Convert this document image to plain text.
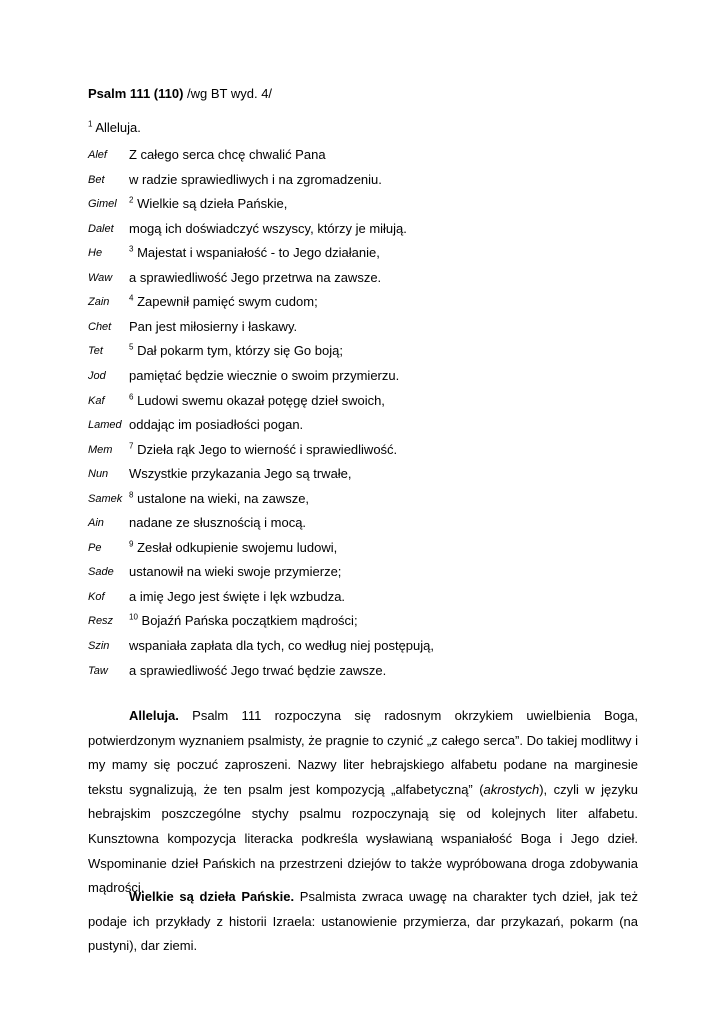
Psalm 111 (110) /wg BT wyd. 4/
$^1$ Alleluja.
Alef	Z całego serca chcę chwalić Pana
Bet	w radzie sprawiedliwych i na zgromadzeniu.
Gimel	$^2$ Wielkie są dzieła Pańskie,
Dalet	mogą ich doświadczyć wszyscy, którzy je miłują.
He	$^3$ Majestat i wspaniałość - to Jego działanie,
Waw	a sprawiedliwość Jego przetrwa na zawsze.
Zain	$^4$ Zapewnił pamięć swym cudom;
Chet	Pan jest miłosierny i łaskawy.
Tet	$^5$ Dał pokarm tym, którzy się Go boją;
Jod	pamiętać będzie wiecznie o swoim przymierzu.
Kaf	$^6$ Ludowi swemu okazał potęgę dzieł swoich,
Lamed oddając im posiadłości pogan.
Mem	$^7$ Dzieła rąk Jego to wierność i sprawiedliwość.
Nun	Wszystkie przykazania Jego są trwałe,
Samek $^8$ ustalone na wieki, na zawsze,
Ain	nadane ze słusznością i mocą.
Pe	$^9$ Zesłał odkupienie swojemu ludowi,
Sade	ustanowił na wieki swoje przymierze;
Kof	a imię Jego jest święte i lęk wzbudza.
Resz	$^{10}$ Bojaźń Pańska początkiem mądrości;
Szin	wspaniała zapłata dla tych, co według niej postępują,
Taw	a sprawiedliwość Jego trwać będzie zawsze.

Alleluja. Psalm 111 rozpoczyna się radosnym okrzykiem uwielbienia Boga, potwierdzonym wyznaniem psalmisty, że pragnie to czynić „z całego serca”. Do takiej modlitwy i my mamy się poczuć zaproszeni. Nazwy liter hebrajskiego alfabetu podane na marginesie tekstu sygnalizują, że ten psalm jest kompozycją „alfabetyczną” (akrostych), czyli w języku hebrajskim poszczególne stychy psalmu rozpoczynają się od kolejnych liter alfabetu. Kunsztowna kompozycja literacka podkreśla wysławianą wspaniałość Boga i Jego dzieł. Wspominanie dzieł Pańskich na przestrzeni dziejów to także wypróbowana droga zdobywania mądrości.

Wielkie są dzieła Pańskie. Psalmista zwraca uwagę na charakter tych dzieł, jak też podaje ich przykłady z historii Izraela: ustanowienie przymierza, dar przykazań, pokarm (na pustyni), dar ziemi.
